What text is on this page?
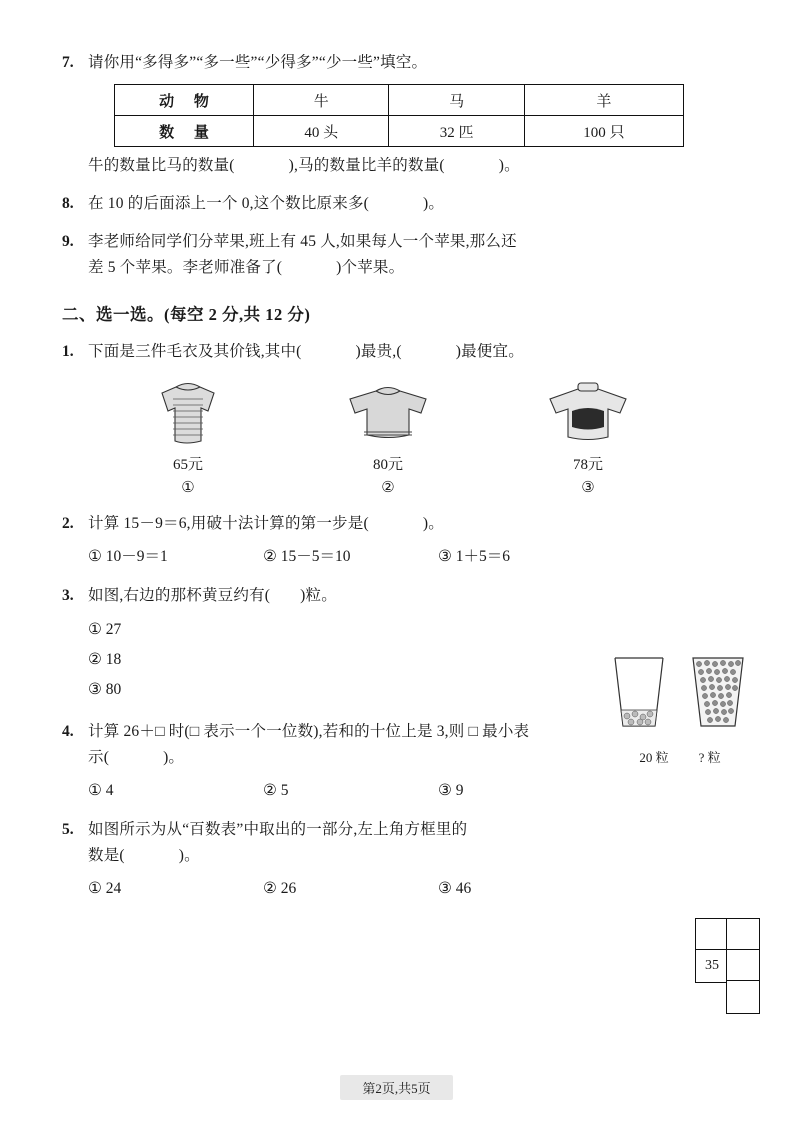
7. 请你用“多得多”“多一些”“少得多”“少一些”填空。
动 物	牛	马	羊
数 量	40 头	32 匹	100 只
牛的数量比马的数量(	),马的数量比羊的数量(	)。
8. 在 10 的后面添上一个 0,这个数比原来多(	)。
9. 李老师给同学们分苹果,班上有 45 人,如果每人一个苹果,那么还

差 5 个苹果。李老师准备了(	)个苹果。

二、选一选。(每空 2 分,共 12 分)
1. 下面是三件毛衣及其价钱,其中(	)最贵,(	)最便宜。
65元
①
80元
②
78元
③
2. 计算 15－9＝6,用破十法计算的第一步是(	)。
① 10－9＝1	② 15－5＝10	③ 1＋5＝6
3. 如图,右边的那杯黄豆约有( )粒。
① 27
② 18
③ 80
4. 计算 26＋□ 时(□ 表示一个一位数),若和的十位上是 3,则 □ 最小表

示(	)。

① 4	② 5	③ 9
5. 如图所示为从“百数表”中取出的一部分,左上角方框里的

数是(	)。

① 24	② 26	③ 46
20 粒 ? 粒
35
第2页,共5页
